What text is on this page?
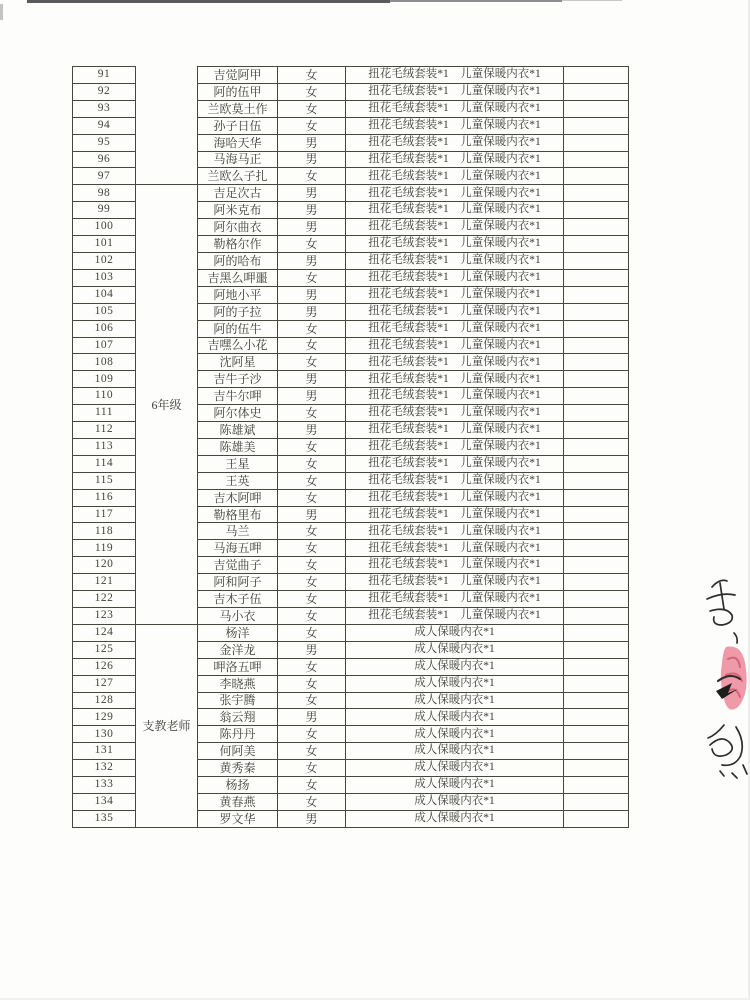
91		吉觉阿甲	女	扭花毛绒套装*1　儿童保暖内衣*1	
92		阿的伍甲	女	扭花毛绒套装*1　儿童保暖内衣*1	
93		兰欧莫土作	女	扭花毛绒套装*1　儿童保暖内衣*1	
94		孙子日伍	女	扭花毛绒套装*1　儿童保暖内衣*1	
95		海哈天华	男	扭花毛绒套装*1　儿童保暖内衣*1	
96		马海马正	男	扭花毛绒套装*1　儿童保暖内衣*1	
97		兰欧么子扎	女	扭花毛绒套装*1　儿童保暖内衣*1	
98	6年级	吉足次古	男	扭花毛绒套装*1　儿童保暖内衣*1	
99		阿米克布	男	扭花毛绒套装*1　儿童保暖内衣*1	
100		阿尔曲衣	男	扭花毛绒套装*1　儿童保暖内衣*1	
101		勒格尔作	女	扭花毛绒套装*1　儿童保暖内衣*1	
102		阿的哈布	男	扭花毛绒套装*1　儿童保暖内衣*1	
103		吉黑么呷噩	女	扭花毛绒套装*1　儿童保暖内衣*1	
104		阿地小平	男	扭花毛绒套装*1　儿童保暖内衣*1	
105		阿的子拉	男	扭花毛绒套装*1　儿童保暖内衣*1	
106		阿的伍牛	女	扭花毛绒套装*1　儿童保暖内衣*1	
107		吉嘿么小花	女	扭花毛绒套装*1　儿童保暖内衣*1	
108		沈阿星	女	扭花毛绒套装*1　儿童保暖内衣*1	
109		吉牛子沙	男	扭花毛绒套装*1　儿童保暖内衣*1	
110		吉牛尔呷	男	扭花毛绒套装*1　儿童保暖内衣*1	
111		阿尔体史	女	扭花毛绒套装*1　儿童保暖内衣*1	
112		陈雄斌	男	扭花毛绒套装*1　儿童保暖内衣*1	
113		陈雄美	女	扭花毛绒套装*1　儿童保暖内衣*1	
114		王星	女	扭花毛绒套装*1　儿童保暖内衣*1	
115		王英	女	扭花毛绒套装*1　儿童保暖内衣*1	
116		吉木阿呷	女	扭花毛绒套装*1　儿童保暖内衣*1	
117		勒格里布	男	扭花毛绒套装*1　儿童保暖内衣*1	
118		马兰	女	扭花毛绒套装*1　儿童保暖内衣*1	
119		马海五呷	女	扭花毛绒套装*1　儿童保暖内衣*1	
120		吉觉曲子	女	扭花毛绒套装*1　儿童保暖内衣*1	
121		阿和阿子	女	扭花毛绒套装*1　儿童保暖内衣*1	
122		吉木子伍	女	扭花毛绒套装*1　儿童保暖内衣*1	
123		马小衣	女	扭花毛绒套装*1　儿童保暖内衣*1	
124	支教老师	杨洋	女	成人保暖内衣*1	
125		金洋龙	男	成人保暖内衣*1	
126		呷洛五呷	女	成人保暖内衣*1	
127		李晓燕	女	成人保暖内衣*1	
128		张宇腾	女	成人保暖内衣*1	
129		翁云翔	男	成人保暖内衣*1	
130		陈丹丹	女	成人保暖内衣*1	
131		何阿美	女	成人保暖内衣*1	
132		黄秀秦	女	成人保暖内衣*1	
133		杨扬	女	成人保暖内衣*1	
134		黄春燕	女	成人保暖内衣*1	
135		罗文华	男	成人保暖内衣*1	
